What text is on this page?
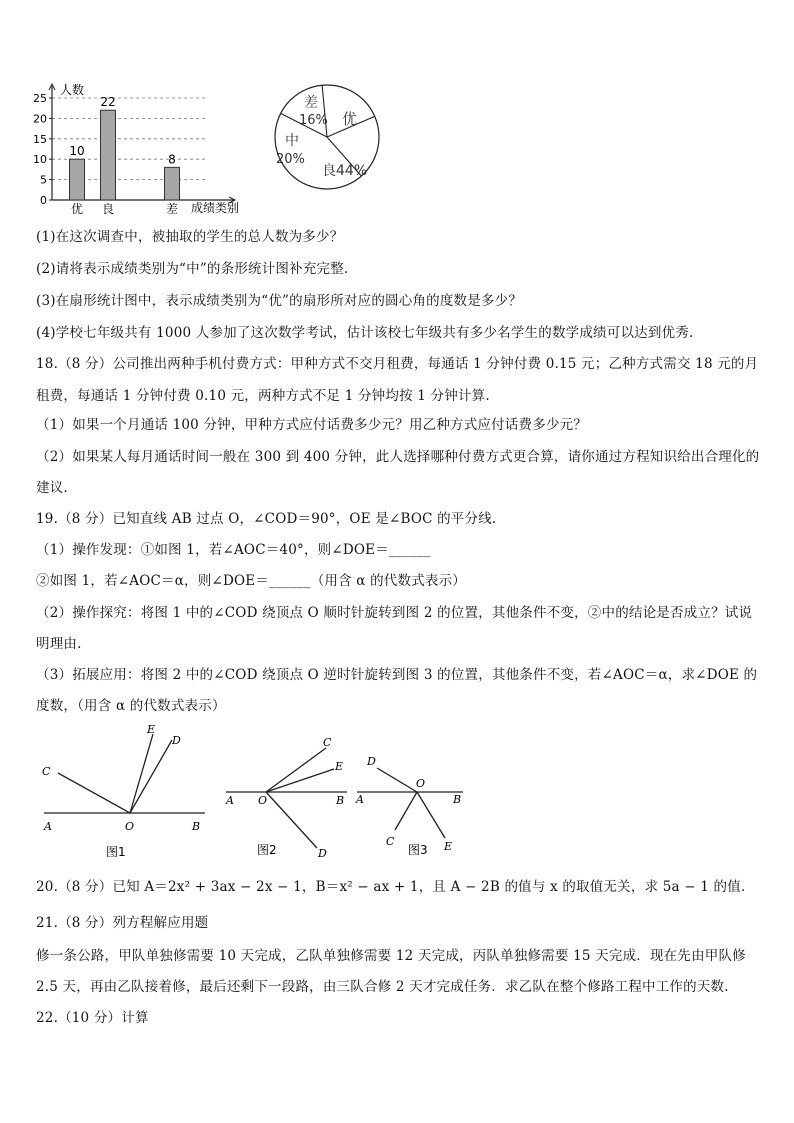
10
22
8
0
5
10
15
20
25
优 良	差
人数
成绩类别
差
16% 优
中
20%
良44%
(1)在这次调查中，被抽取的学生的总人数为多少？
(2)请将表示成绩类别为“中”的条形统计图补充完整.
(3)在扇形统计图中，表示成绩类别为“优”的扇形所对应的圆心角的度数是多少？
(4)学校七年级共有 1000 人参加了这次数学考试，估计该校七年级共有多少名学生的数学成绩可以达到优秀.
18.（8 分）公司推出两种手机付费方式：甲种方式不交月租费，每通话 1 分钟付费 0.15 元；乙种方式需交 18 元的月
租费，每通话 1 分钟付费 0.10 元，两种方式不足 1 分钟均按 1 分钟计算.
（1）如果一个月通话 100 分钟，甲种方式应付话费多少元？用乙种方式应付话费多少元？
（2）如果某人每月通话时间一般在 300 到 400 分钟，此人选择哪种付费方式更合算，请你通过方程知识给出合理化的
建议.
19.（8 分）已知直线 AB 过点 O，∠COD＝90°，OE 是∠BOC 的平分线.
（1）操作发现：①如图 1，若∠AOC＝40°，则∠DOE＝______
②如图 1，若∠AOC＝α，则∠DOE＝______（用含 α 的代数式表示）
（2）操作探究：将图 1 中的∠COD 绕顶点 O 顺时针旋转到图 2 的位置，其他条件不变，②中的结论是否成立？试说
明理由.
（3）拓展应用：将图 2 中的∠COD 绕顶点 O 逆时针旋转到图 3 的位置，其他条件不变，若∠AOC＝α，求∠DOE 的
度数，（用含 α 的代数式表示）
A	O	B
C
E
D
图1
A O	B
C
E
D
图2
A
O
B
D
C	E
图3
20.（8 分）已知 A＝2x² + 3ax − 2x − 1，B＝x² − ax + 1，且 A − 2B 的值与 x 的取值无关，求 5a − 1 的值.
21.（8 分）列方程解应用题
修一条公路，甲队单独修需要 10 天完成，乙队单独修需要 12 天完成，丙队单独修需要 15 天完成．现在先由甲队修
2.5 天，再由乙队接着修，最后还剩下一段路，由三队合修 2 天才完成任务．求乙队在整个修路工程中工作的天数.
22.（10 分）计算
